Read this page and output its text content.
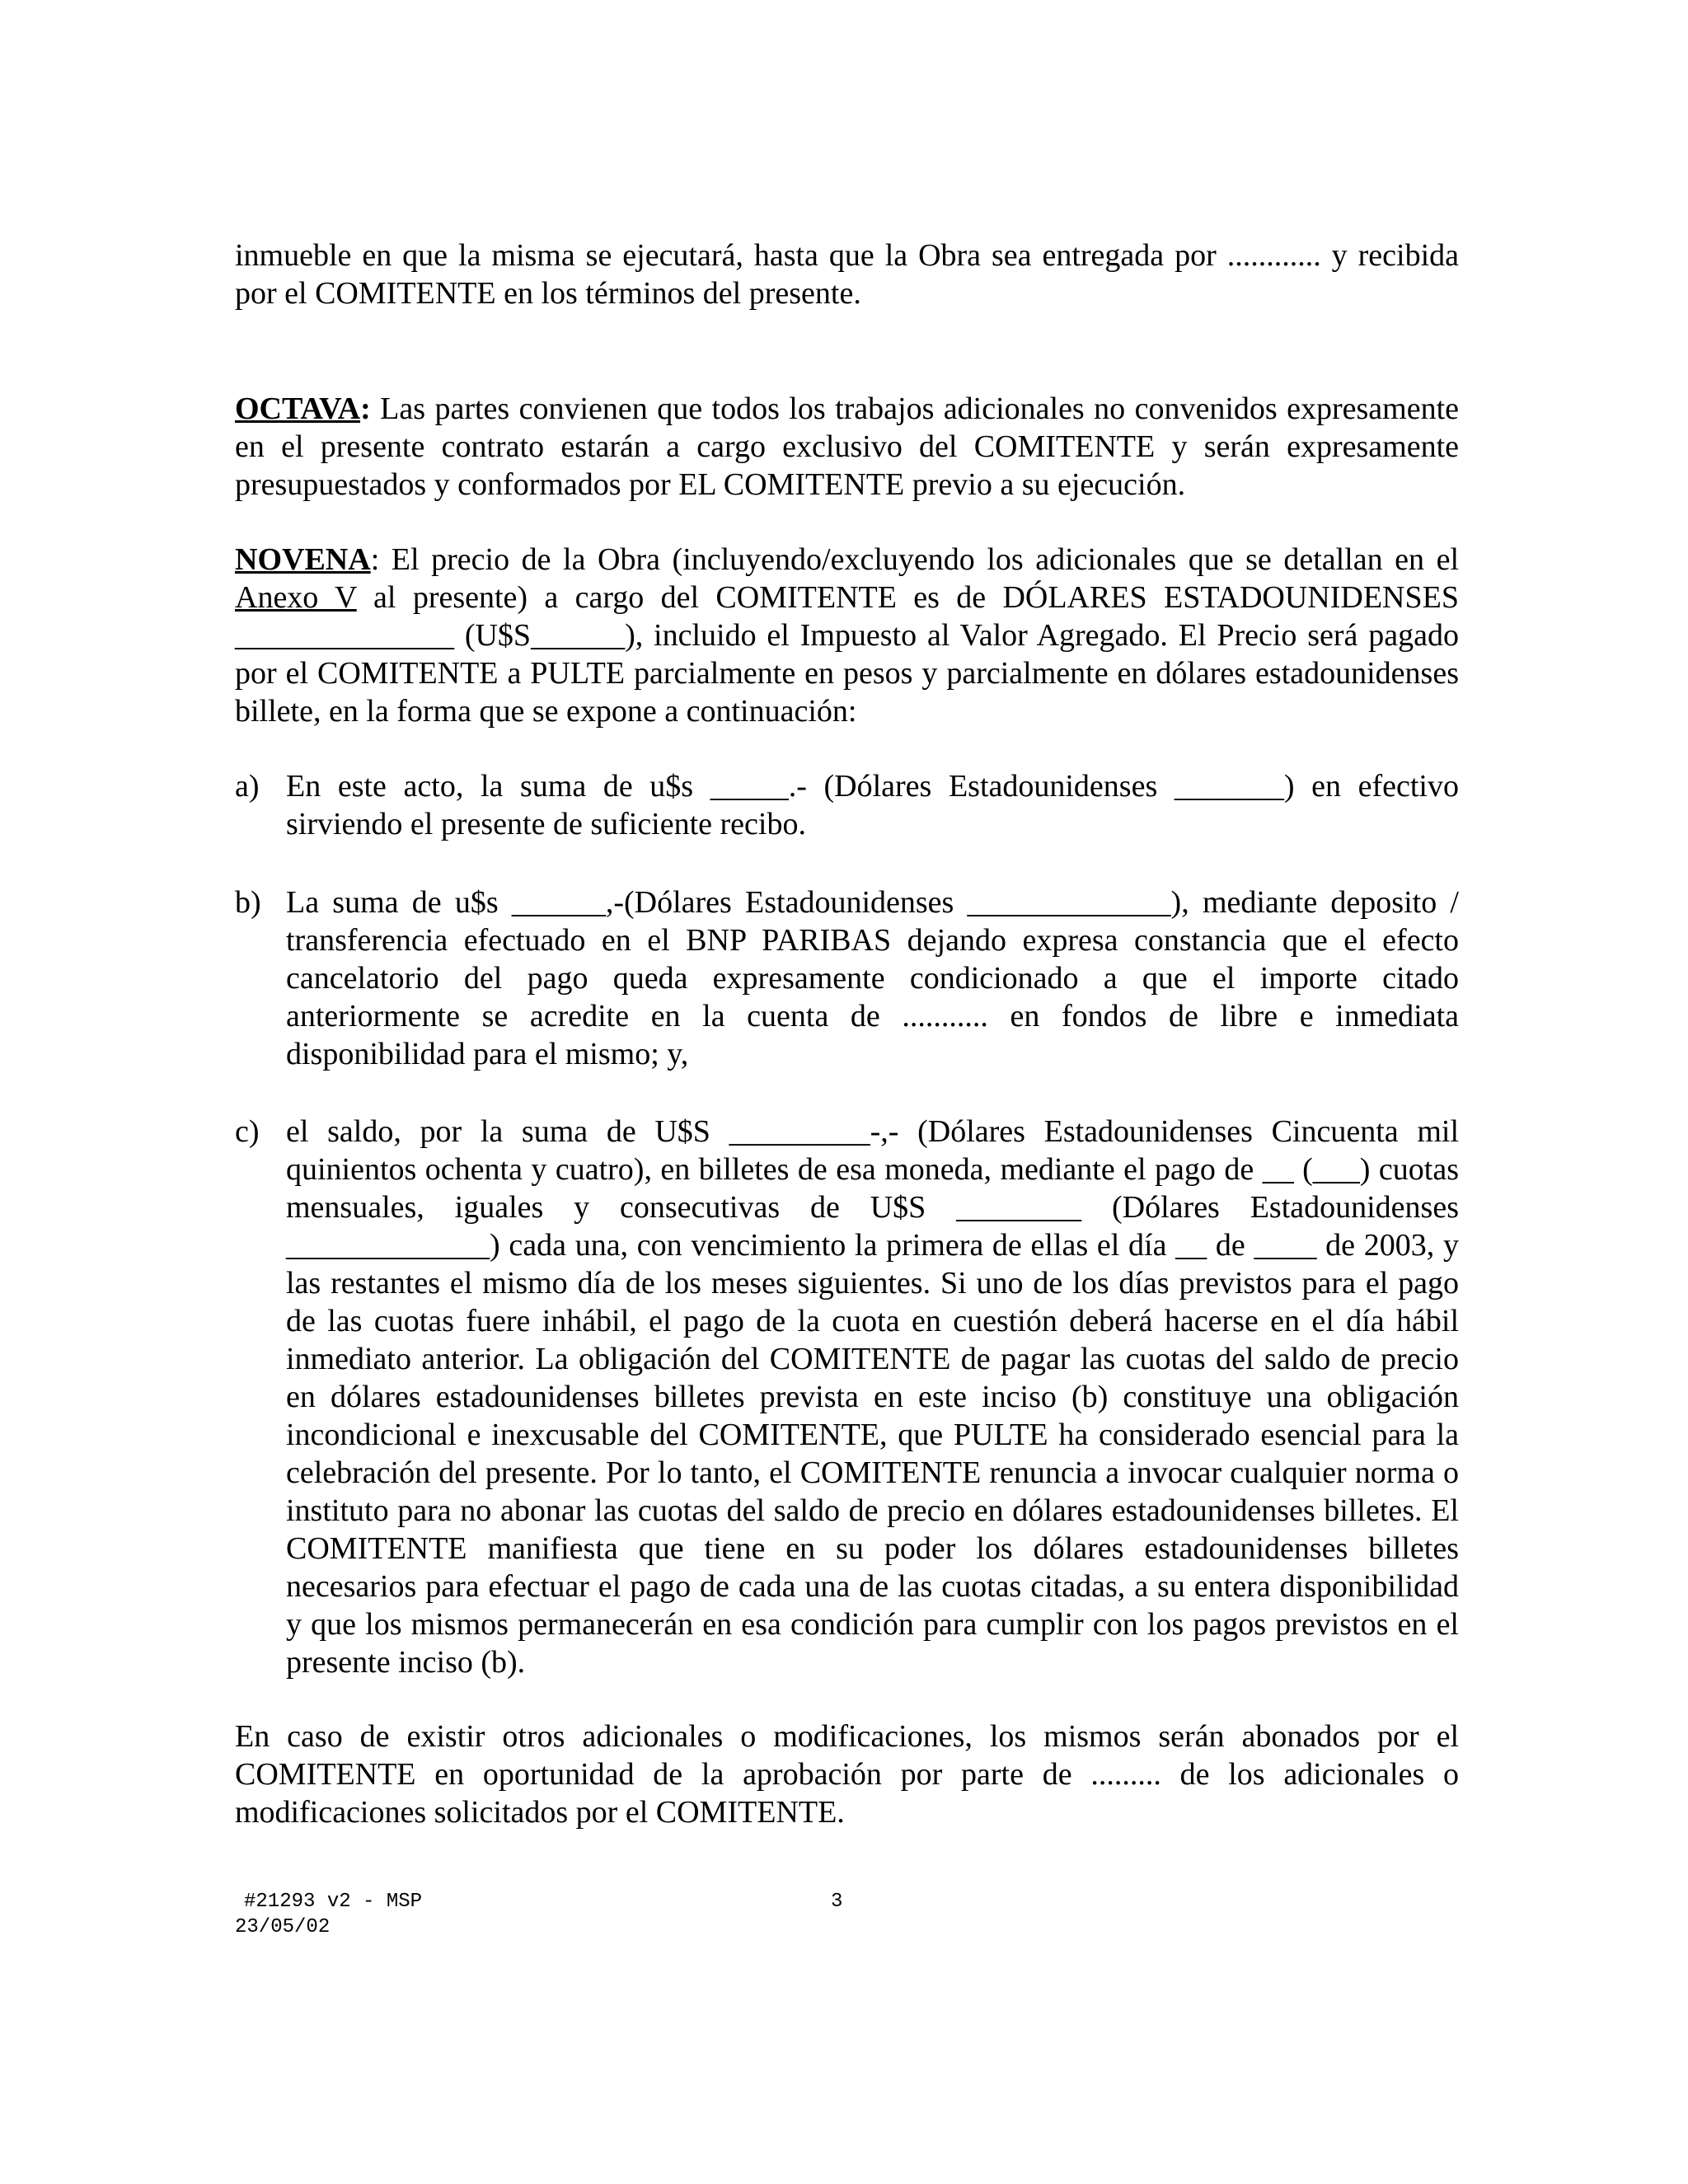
inmueble en que la misma se ejecutará, hasta que la Obra sea entregada por ............ y recibida por el COMITENTE en los términos del presente.

OCTAVA: Las partes convienen que todos los trabajos adicionales no convenidos expresamente en el presente contrato estarán a cargo exclusivo del COMITENTE y serán expresamente presupuestados y conformados por EL COMITENTE previo a su ejecución.

NOVENA: El precio de la Obra (incluyendo/excluyendo los adicionales que se detallan en el Anexo V al presente) a cargo del COMITENTE es de DÓLARES ESTADOUNIDENSES ______________ (U$S______), incluido el Impuesto al Valor Agregado. El Precio será pagado por el COMITENTE a PULTE parcialmente en pesos y parcialmente en dólares estadounidenses billete, en la forma que se expone a continuación:

a) En este acto, la suma de u$s _____.- (Dólares Estadounidenses _______) en efectivo sirviendo el presente de suficiente recibo.
b) La suma de u$s ______,-(Dólares Estadounidenses _____________), mediante deposito / transferencia efectuado en el BNP PARIBAS dejando expresa constancia que el efecto cancelatorio del pago queda expresamente condicionado a que el importe citado anteriormente se acredite en la cuenta de ........... en fondos de libre e inmediata disponibilidad para el mismo; y,
c) el saldo, por la suma de U$S _________-,- (Dólares Estadounidenses Cincuenta mil quinientos ochenta y cuatro), en billetes de esa moneda, mediante el pago de __ (___) cuotas mensuales, iguales y consecutivas de U$S ________ (Dólares Estadounidenses _____________) cada una, con vencimiento la primera de ellas el día __ de ____ de 2003, y las restantes el mismo día de los meses siguientes. Si uno de los días previstos para el pago de las cuotas fuere inhábil, el pago de la cuota en cuestión deberá hacerse en el día hábil inmediato anterior. La obligación del COMITENTE de pagar las cuotas del saldo de precio en dólares estadounidenses billetes prevista en este inciso (b) constituye una obligación incondicional e inexcusable del COMITENTE, que PULTE ha considerado esencial para la celebración del presente. Por lo tanto, el COMITENTE renuncia a invocar cualquier norma o instituto para no abonar las cuotas del saldo de precio en dólares estadounidenses billetes. El COMITENTE manifiesta que tiene en su poder los dólares estadounidenses billetes necesarios para efectuar el pago de cada una de las cuotas citadas, a su entera disponibilidad y que los mismos permanecerán en esa condición para cumplir con los pagos previstos en el presente inciso (b).

En caso de existir otros adicionales o modificaciones, los mismos serán abonados por el COMITENTE en oportunidad de la aprobación por parte de ......... de los adicionales o modificaciones solicitados por el COMITENTE.

#21293 v2 - MSP
23/05/02
3
